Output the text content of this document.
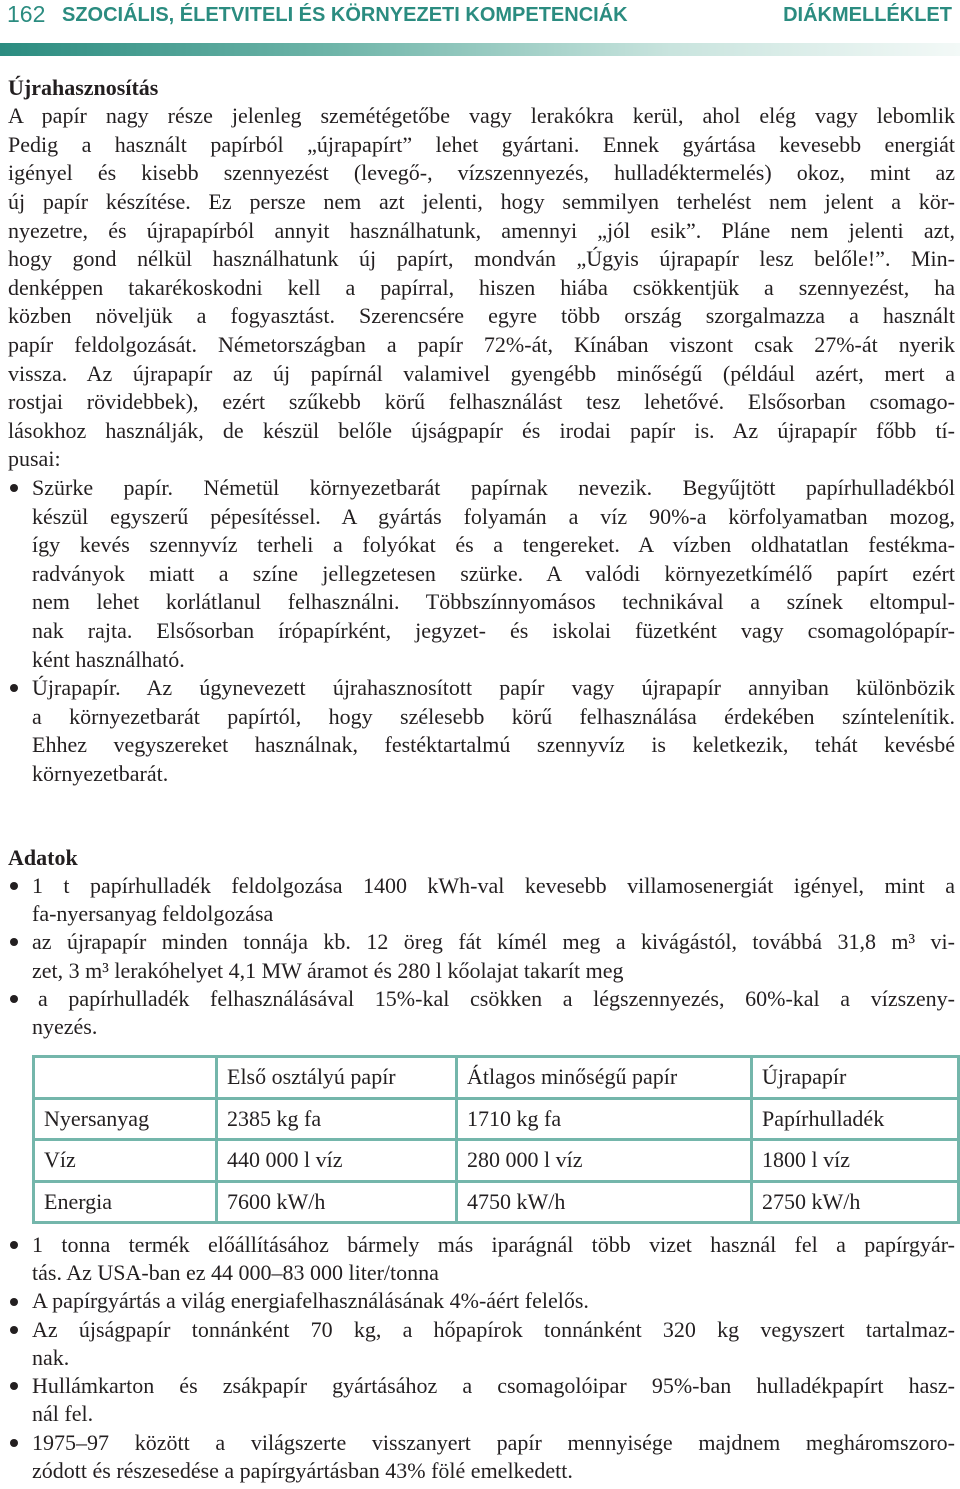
162 SZOCIÁLIS, ÉLETVITELI ÉS KÖRNYEZETI KOMPETENCIÁK	DIÁKMELLÉKLET
Újrahasznosítás
A papír nagy része jelenleg szemétégetőbe vagy lerakókra kerül, ahol elég vagy lebomlik
Pedig a használt papírból „újrapapírt” lehet gyártani. Ennek gyártása kevesebb energiát
igényel és kisebb szennyezést (levegő-, vízszennyezés, hulladéktermelés) okoz, mint az
új papír készítése. Ez persze nem azt jelenti, hogy semmilyen terhelést nem jelent a kör-
nyezetre, és újrapapírból annyit használhatunk, amennyi „jól esik”. Pláne nem jelenti azt,
hogy gond nélkül használhatunk új papírt, mondván „Úgyis újrapapír lesz belőle!”. Min-
denképpen takarékoskodni kell a papírral, hiszen hiába csökkentjük a szennyezést, ha
közben növeljük a fogyasztást. Szerencsére egyre több ország szorgalmazza a használt
papír feldolgozását. Németországban a papír 72%-át, Kínában viszont csak 27%-át nyerik
vissza. Az újrapapír az új papírnál valamivel gyengébb minőségű (például azért, mert a
rostjai rövidebbek), ezért szűkebb körű felhasználást tesz lehetővé. Elsősorban csomago-
lásokhoz használják, de készül belőle újságpapír és irodai papír is. Az újrapapír főbb tí-
pusai:
Szürke papír. Németül környezetbarát papírnak nevezik. Begyűjtött papírhulladékból
készül egyszerű pépesítéssel. A gyártás folyamán a víz 90%-a körfolyamatban mozog,
így kevés szennyvíz terheli a folyókat és a tengereket. A vízben oldhatatlan festékma-
radványok miatt a színe jellegzetesen szürke. A valódi környezetkímélő papírt ezért
nem lehet korlátlanul felhasználni. Többszínnyomásos technikával a színek eltompul-
nak rajta. Elsősorban írópapírként, jegyzet- és iskolai füzetként vagy csomagolópapír-
ként használható.
Újrapapír. Az úgynevezett újrahasznosított papír vagy újrapapír annyiban különbözik
a környezetbarát papírtól, hogy szélesebb körű felhasználása érdekében színtelenítik.
Ehhez vegyszereket használnak, festéktartalmú szennyvíz is keletkezik, tehát kevésbé
környezetbarát.
Adatok
1 t papírhulladék feldolgozása 1400 kWh-val kevesebb villamosenergiát igényel, mint a
fa-nyersanyag feldolgozása
az újrapapír minden tonnája kb. 12 öreg fát kímél meg a kivágástól, továbbá 31,8 m³ vi-
zet, 3 m³ lerakóhelyet 4,1 MW áramot és 280 l kőolajat takarít meg
a papírhulladék felhasználásával 15%-kal csökken a légszennyezés, 60%-kal a vízszeny-
nyezés.
	Első osztályú papír	Átlagos minőségű papír	Újrapapír
Nyersanyag	2385 kg fa	1710 kg fa	Papírhulladék
Víz	440 000 l víz	280 000 l víz	1800 l víz
Energia	7600 kW/h	4750 kW/h	2750 kW/h
1 tonna termék előállításához bármely más iparágnál több vizet használ fel a papírgyár-
tás. Az USA-ban ez 44 000–83 000 liter/tonna
A papírgyártás a világ energiafelhasználásának 4%-áért felelős.
Az újságpapír tonnánként 70 kg, a hőpapírok tonnánként 320 kg vegyszert tartalmaz-
nak.
Hullámkarton és zsákpapír gyártásához a csomagolóipar 95%-ban hulladékpapírt hasz-
nál fel.
1975–97 között a világszerte visszanyert papír mennyisége majdnem megháromszoro-
zódott és részesedése a papírgyártásban 43% fölé emelkedett.
